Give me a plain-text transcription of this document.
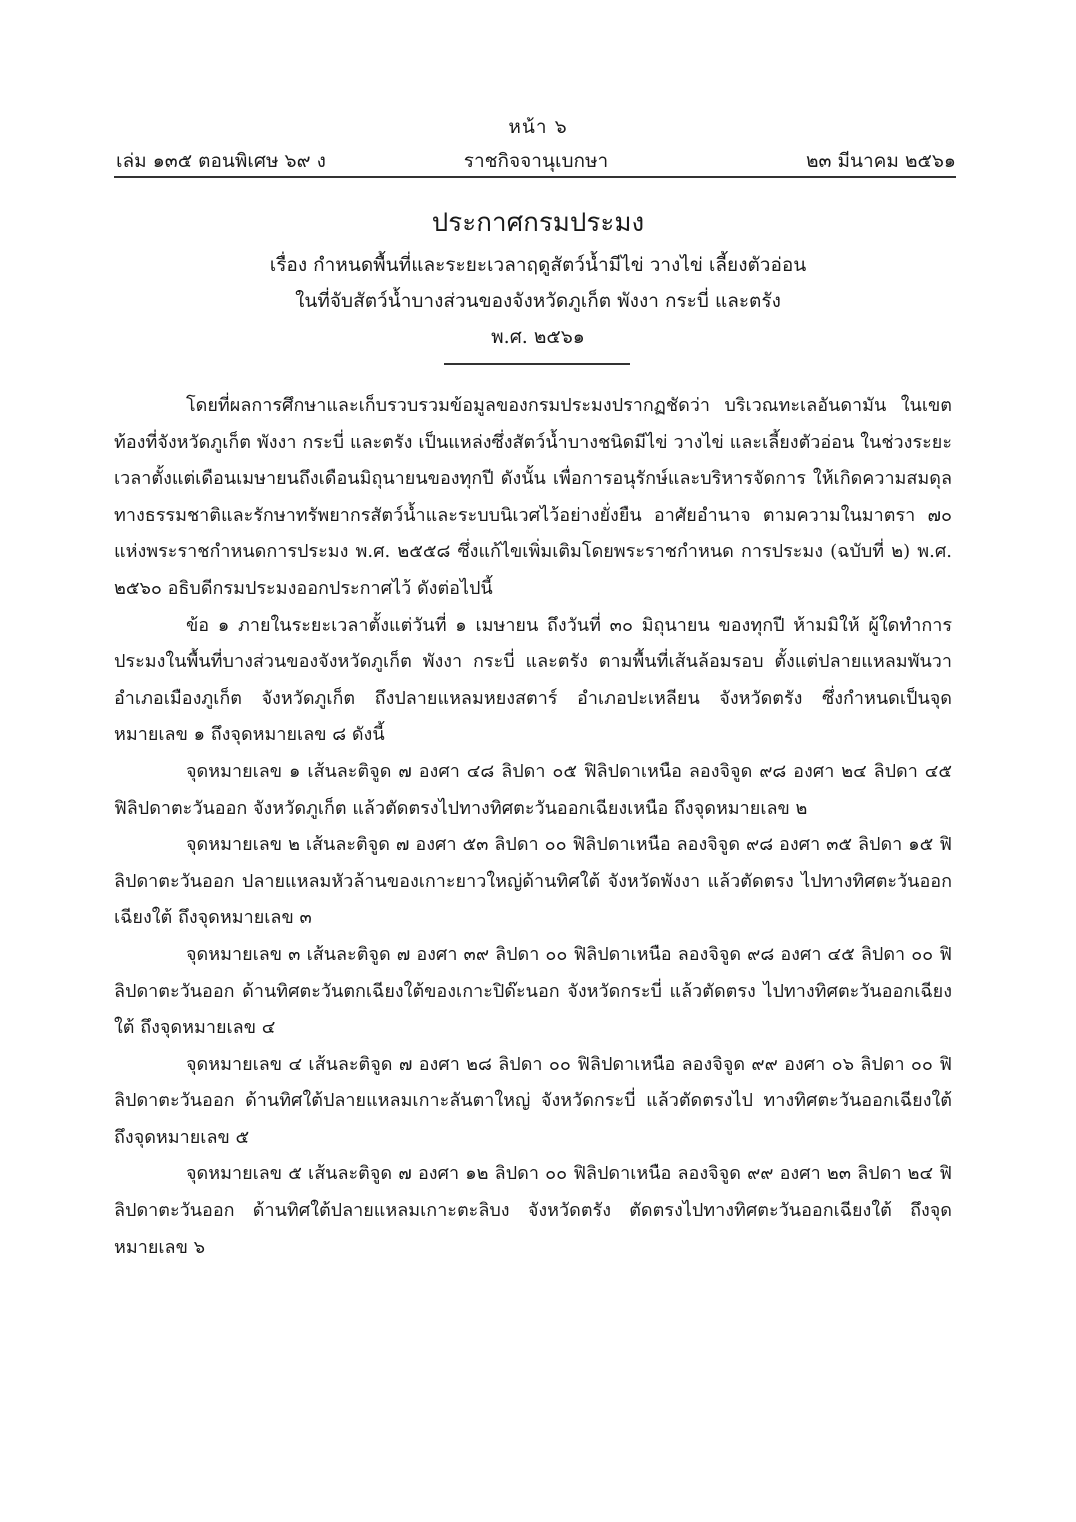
หน้า ๖
เล่ม ๑๓๕ ตอนพิเศษ ๖๙ ง	ราชกิจจานุเบกษา	๒๓ มีนาคม ๒๕๖๑
ประกาศกรมประมง
เรื่อง กำหนดพื้นที่และระยะเวลาฤดูสัตว์น้ำมีไข่ วางไข่ เลี้ยงตัวอ่อน
ในที่จับสัตว์น้ำบางส่วนของจังหวัดภูเก็ต พังงา กระบี่ และตรัง
พ.ศ. ๒๕๖๑

โดยที่ผลการศึกษาและเก็บรวบรวมข้อมูลของกรมประมงปรากฏชัดว่า บริเวณทะเลอันดามัน ในเขตท้องที่จังหวัดภูเก็ต พังงา กระบี่ และตรัง เป็นแหล่งซึ่งสัตว์น้ำบางชนิดมีไข่ วางไข่ และเลี้ยงตัวอ่อน ในช่วงระยะเวลาตั้งแต่เดือนเมษายนถึงเดือนมิถุนายนของทุกปี ดังนั้น เพื่อการอนุรักษ์และบริหารจัดการ ให้เกิดความสมดุลทางธรรมชาติและรักษาทรัพยากรสัตว์น้ำและระบบนิเวศไว้อย่างยั่งยืน อาศัยอำนาจ ตามความในมาตรา ๗๐ แห่งพระราชกำหนดการประมง พ.ศ. ๒๕๕๘ ซึ่งแก้ไขเพิ่มเติมโดยพระราชกำหนด การประมง (ฉบับที่ ๒) พ.ศ. ๒๕๖๐ อธิบดีกรมประมงออกประกาศไว้ ดังต่อไปนี้

ข้อ ๑ ภายในระยะเวลาตั้งแต่วันที่ ๑ เมษายน ถึงวันที่ ๓๐ มิถุนายน ของทุกปี ห้ามมิให้ ผู้ใดทำการประมงในพื้นที่บางส่วนของจังหวัดภูเก็ต พังงา กระบี่ และตรัง ตามพื้นที่เส้นล้อมรอบ ตั้งแต่ปลายแหลมพันวา อำเภอเมืองภูเก็ต จังหวัดภูเก็ต ถึงปลายแหลมหยงสตาร์ อำเภอปะเหลียน จังหวัดตรัง ซึ่งกำหนดเป็นจุดหมายเลข ๑ ถึงจุดหมายเลข ๘ ดังนี้

จุดหมายเลข ๑ เส้นละติจูด ๗ องศา ๔๘ ลิปดา ๐๕ ฟิลิปดาเหนือ ลองจิจูด ๙๘ องศา ๒๔ ลิปดา ๔๕ ฟิลิปดาตะวันออก จังหวัดภูเก็ต แล้วตัดตรงไปทางทิศตะวันออกเฉียงเหนือ ถึงจุดหมายเลข ๒

จุดหมายเลข ๒ เส้นละติจูด ๗ องศา ๕๓ ลิปดา ๐๐ ฟิลิปดาเหนือ ลองจิจูด ๙๘ องศา ๓๕ ลิปดา ๑๕ ฟิลิปดาตะวันออก ปลายแหลมหัวล้านของเกาะยาวใหญ่ด้านทิศใต้ จังหวัดพังงา แล้วตัดตรง ไปทางทิศตะวันออกเฉียงใต้ ถึงจุดหมายเลข ๓

จุดหมายเลข ๓ เส้นละติจูด ๗ องศา ๓๙ ลิปดา ๐๐ ฟิลิปดาเหนือ ลองจิจูด ๙๘ องศา ๔๕ ลิปดา ๐๐ ฟิลิปดาตะวันออก ด้านทิศตะวันตกเฉียงใต้ของเกาะปิด๊ะนอก จังหวัดกระบี่ แล้วตัดตรง ไปทางทิศตะวันออกเฉียงใต้ ถึงจุดหมายเลข ๔

จุดหมายเลข ๔ เส้นละติจูด ๗ องศา ๒๘ ลิปดา ๐๐ ฟิลิปดาเหนือ ลองจิจูด ๙๙ องศา ๐๖ ลิปดา ๐๐ ฟิลิปดาตะวันออก ด้านทิศใต้ปลายแหลมเกาะลันตาใหญ่ จังหวัดกระบี่ แล้วตัดตรงไป ทางทิศตะวันออกเฉียงใต้ ถึงจุดหมายเลข ๕

จุดหมายเลข ๕ เส้นละติจูด ๗ องศา ๑๒ ลิปดา ๐๐ ฟิลิปดาเหนือ ลองจิจูด ๙๙ องศา ๒๓ ลิปดา ๒๔ ฟิลิปดาตะวันออก ด้านทิศใต้ปลายแหลมเกาะตะลิบง จังหวัดตรัง ตัดตรงไปทางทิศตะวันออกเฉียงใต้ ถึงจุดหมายเลข ๖
